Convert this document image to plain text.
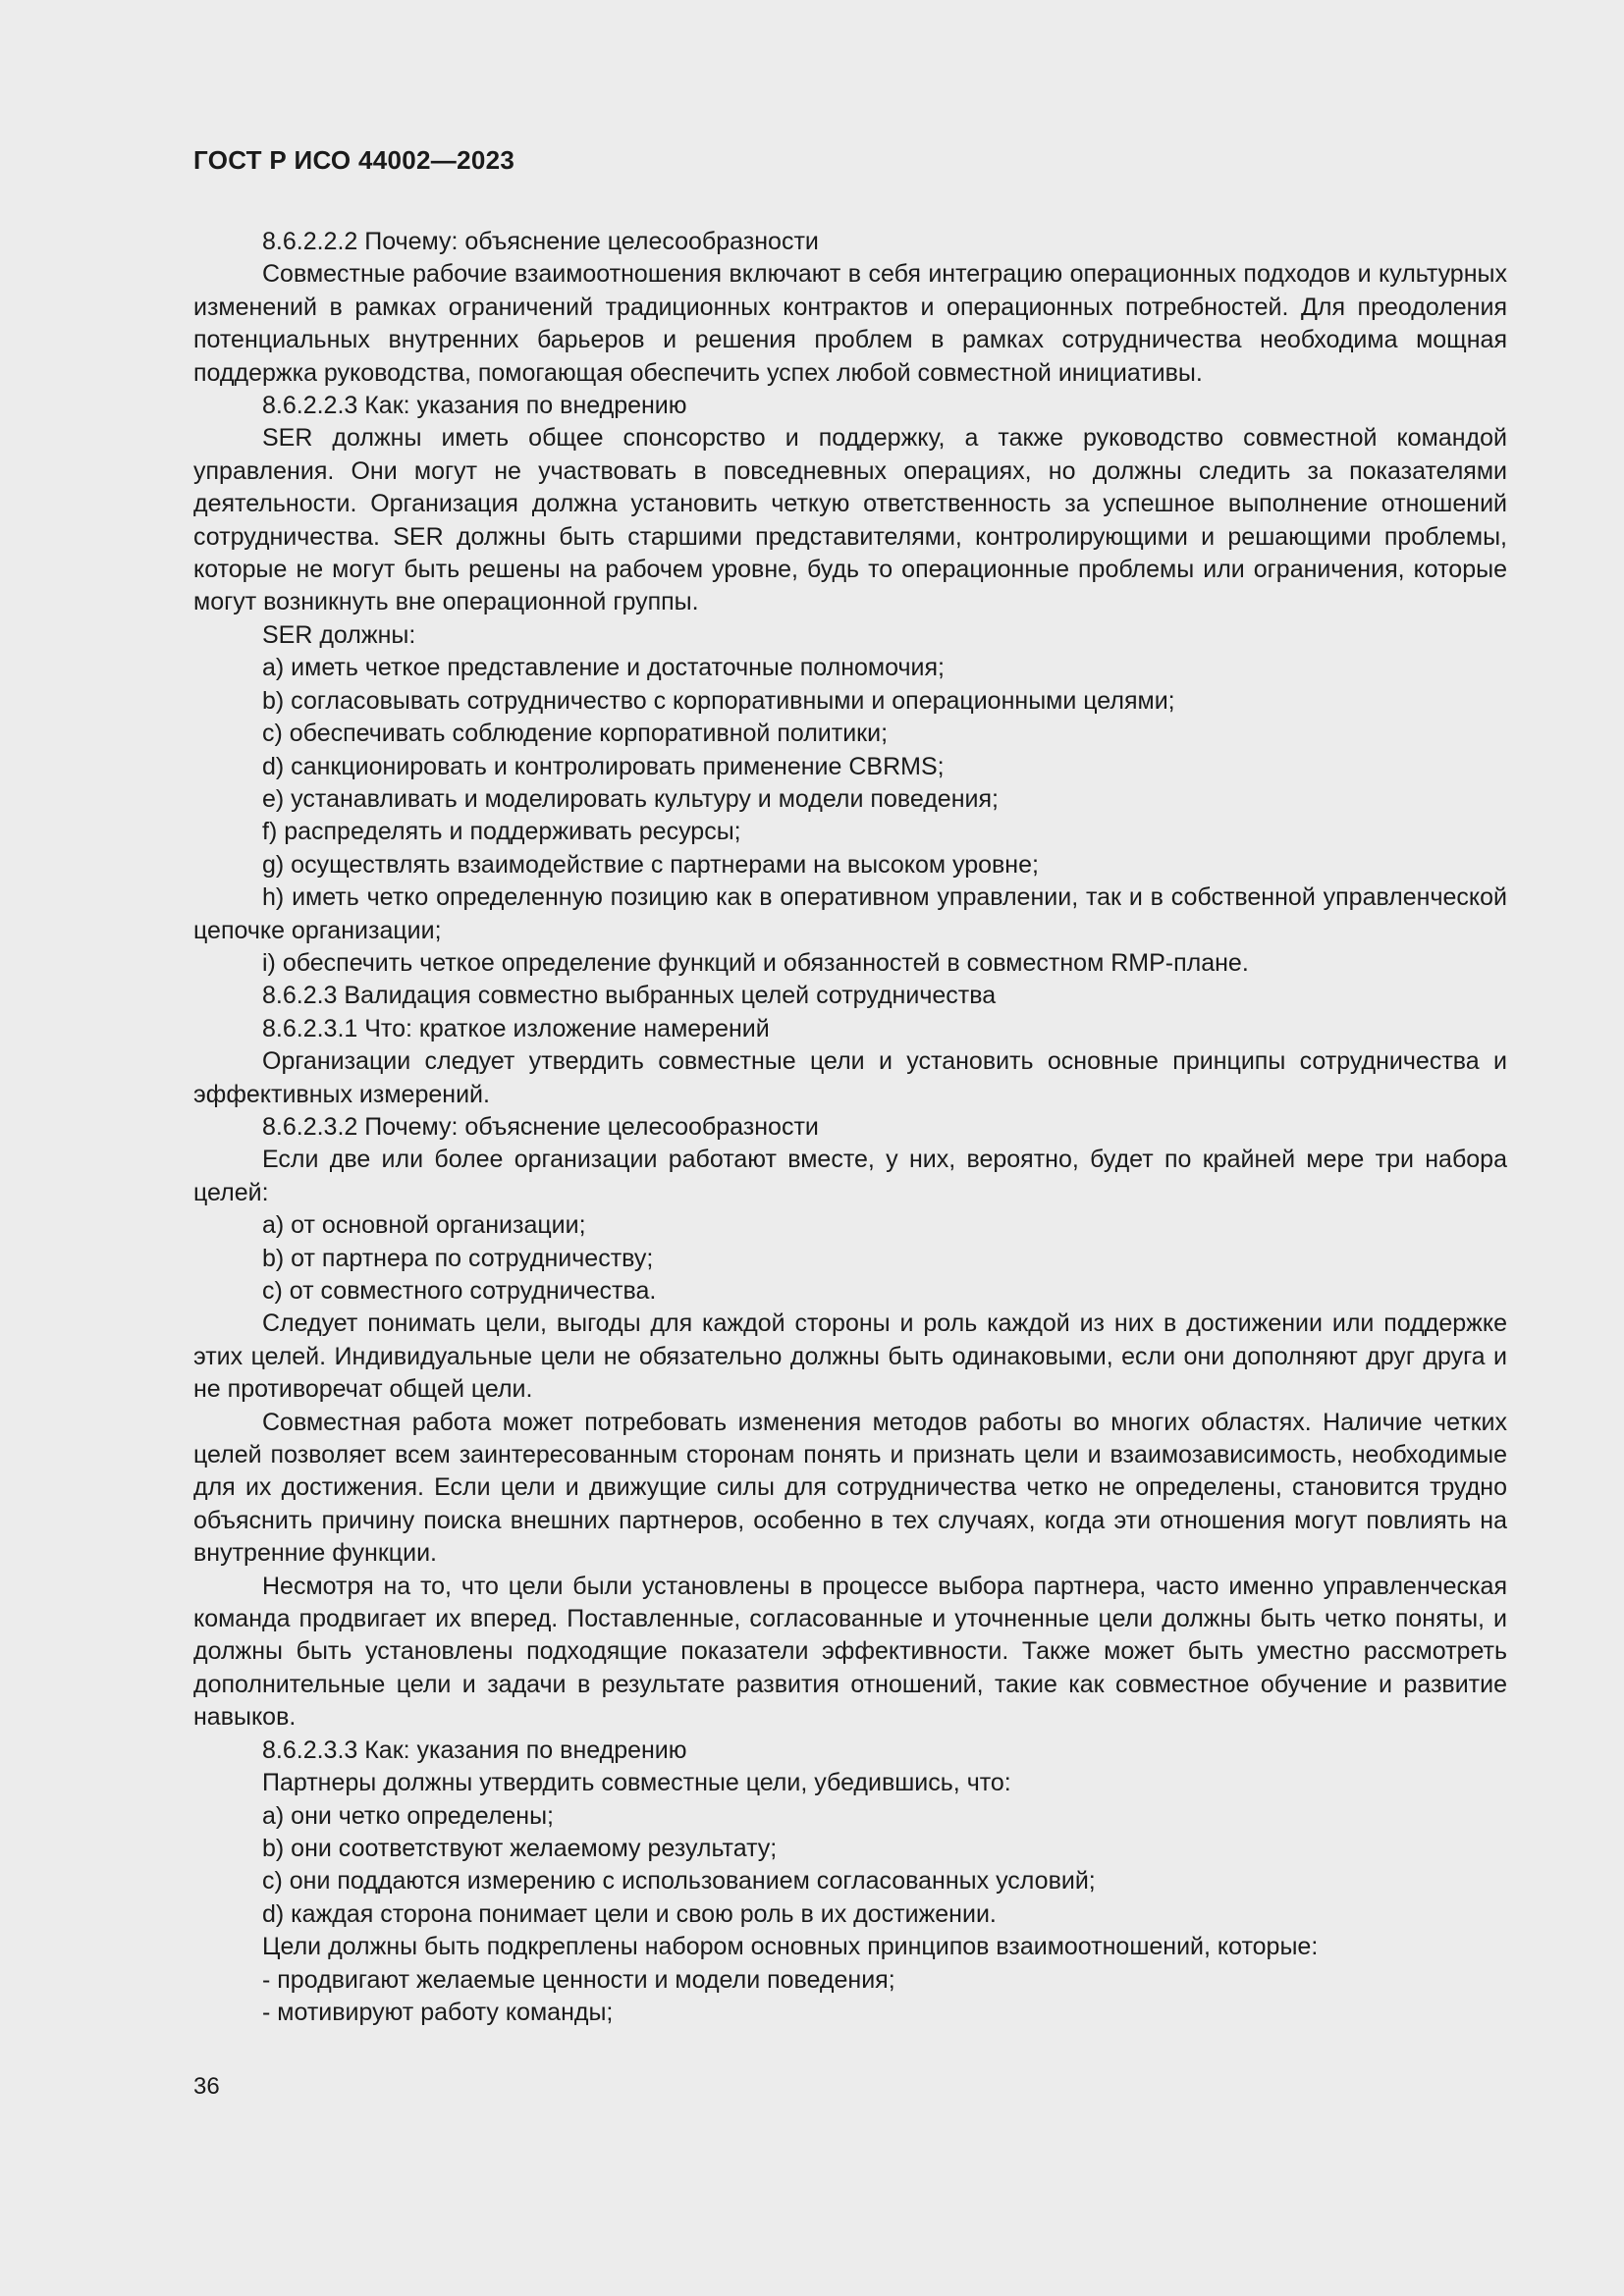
ГОСТ Р ИСО 44002—2023

8.6.2.2.2 Почему: объяснение целесообразности

Совместные рабочие взаимоотношения включают в себя интеграцию операционных подходов и культурных изменений в рамках ограничений традиционных контрактов и операционных потребностей. Для преодоления потенциальных внутренних барьеров и решения проблем в рамках сотрудничества необходима мощная поддержка руководства, помогающая обеспечить успех любой совместной инициативы.

8.6.2.2.3 Как: указания по внедрению

SER должны иметь общее спонсорство и поддержку, а также руководство совместной командой управления. Они могут не участвовать в повседневных операциях, но должны следить за показателями деятельности. Организация должна установить четкую ответственность за успешное выполнение отношений сотрудничества. SER должны быть старшими представителями, контролирующими и решающими проблемы, которые не могут быть решены на рабочем уровне, будь то операционные проблемы или ограничения, которые могут возникнуть вне операционной группы.

SER должны:

a) иметь четкое представление и достаточные полномочия;

b) согласовывать сотрудничество с корпоративными и операционными целями;

c) обеспечивать соблюдение корпоративной политики;

d) санкционировать и контролировать применение CBRMS;

e) устанавливать и моделировать культуру и модели поведения;

f) распределять и поддерживать ресурсы;

g) осуществлять взаимодействие с партнерами на высоком уровне;

h) иметь четко определенную позицию как в оперативном управлении, так и в собственной управленческой цепочке организации;

i) обеспечить четкое определение функций и обязанностей в совместном RMP-плане.

8.6.2.3 Валидация совместно выбранных целей сотрудничества

8.6.2.3.1 Что: краткое изложение намерений

Организации следует утвердить совместные цели и установить основные принципы сотрудничества и эффективных измерений.

8.6.2.3.2 Почему: объяснение целесообразности

Если две или более организации работают вместе, у них, вероятно, будет по крайней мере три набора целей:

a) от основной организации;

b) от партнера по сотрудничеству;

c) от совместного сотрудничества.

Следует понимать цели, выгоды для каждой стороны и роль каждой из них в достижении или поддержке этих целей. Индивидуальные цели не обязательно должны быть одинаковыми, если они дополняют друг друга и не противоречат общей цели.

Совместная работа может потребовать изменения методов работы во многих областях. Наличие четких целей позволяет всем заинтересованным сторонам понять и признать цели и взаимозависимость, необходимые для их достижения. Если цели и движущие силы для сотрудничества четко не определены, становится трудно объяснить причину поиска внешних партнеров, особенно в тех случаях, когда эти отношения могут повлиять на внутренние функции.

Несмотря на то, что цели были установлены в процессе выбора партнера, часто именно управленческая команда продвигает их вперед. Поставленные, согласованные и уточненные цели должны быть четко поняты, и должны быть установлены подходящие показатели эффективности. Также может быть уместно рассмотреть дополнительные цели и задачи в результате развития отношений, такие как совместное обучение и развитие навыков.

8.6.2.3.3 Как: указания по внедрению

Партнеры должны утвердить совместные цели, убедившись, что:

a) они четко определены;

b) они соответствуют желаемому результату;

c) они поддаются измерению с использованием согласованных условий;

d) каждая сторона понимает цели и свою роль в их достижении.

Цели должны быть подкреплены набором основных принципов взаимоотношений, которые:

- продвигают желаемые ценности и модели поведения;

- мотивируют работу команды;

36
